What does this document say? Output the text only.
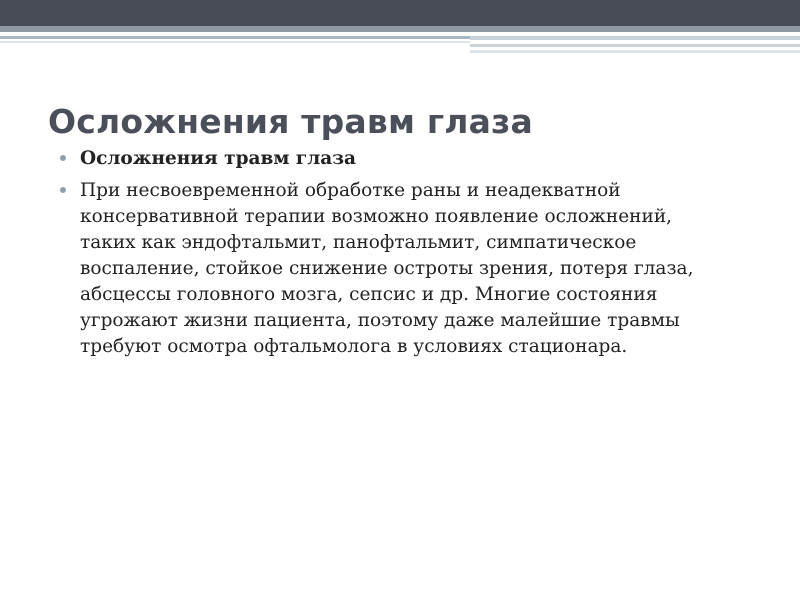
Осложнения травм глаза
Осложнения травм глаза
При несвоевременной обработке раны и неадекватной консервативной терапии возможно появление осложнений, таких как эндофтальмит, панофтальмит, симпатическое воспаление, стойкое снижение остроты зрения, потеря глаза, абсцессы головного мозга, сепсис и др. Многие состояния угрожают жизни пациента, поэтому даже малейшие травмы требуют осмотра офтальмолога в условиях стационара.
